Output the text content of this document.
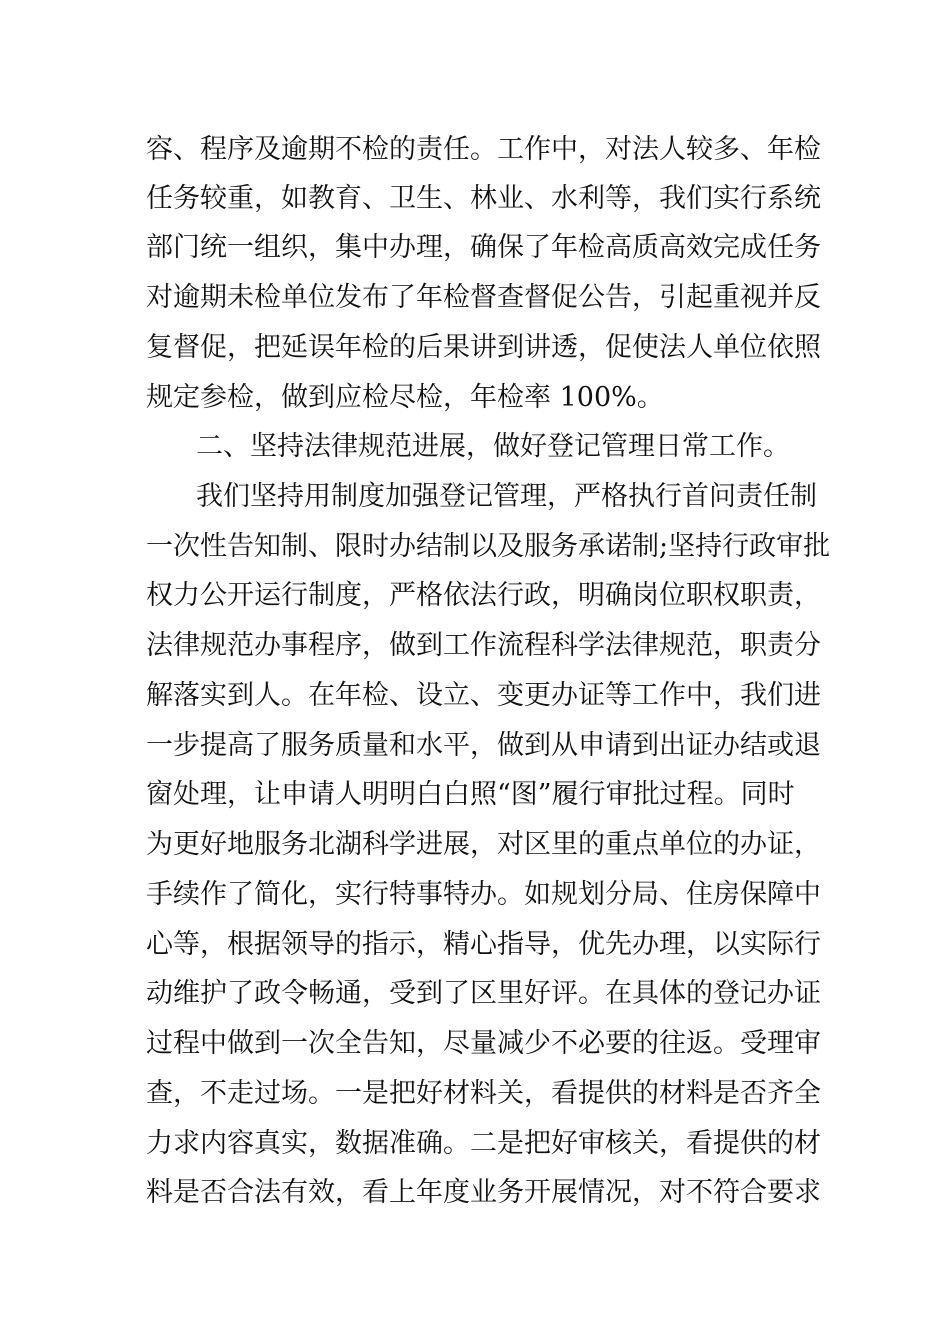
容、程序及逾期不检的责任。工作中，对法人较多、年检
任务较重，如教育、卫生、林业、水利等，我们实行系统
部门统一组织，集中办理，确保了年检高质高效完成任务
对逾期未检单位发布了年检督查督促公告，引起重视并反
复督促，把延误年检的后果讲到讲透，促使法人单位依照
规定参检，做到应检尽检，年检率 100%。
二、坚持法律规范进展，做好登记管理日常工作。
我们坚持用制度加强登记管理，严格执行首问责任制
一次性告知制、限时办结制以及服务承诺制;坚持行政审批
权力公开运行制度，严格依法行政，明确岗位职权职责，
法律规范办事程序，做到工作流程科学法律规范，职责分
解落实到人。在年检、设立、变更办证等工作中，我们进
一步提高了服务质量和水平，做到从申请到出证办结或退
窗处理，让申请人明明白白照“图”履行审批过程。同时
为更好地服务北湖科学进展，对区里的重点单位的办证，
手续作了简化，实行特事特办。如规划分局、住房保障中
心等，根据领导的指示，精心指导，优先办理，以实际行
动维护了政令畅通，受到了区里好评。在具体的登记办证
过程中做到一次全告知，尽量减少不必要的往返。受理审
查，不走过场。一是把好材料关，看提供的材料是否齐全
力求内容真实，数据准确。二是把好审核关，看提供的材
料是否合法有效，看上年度业务开展情况，对不符合要求
